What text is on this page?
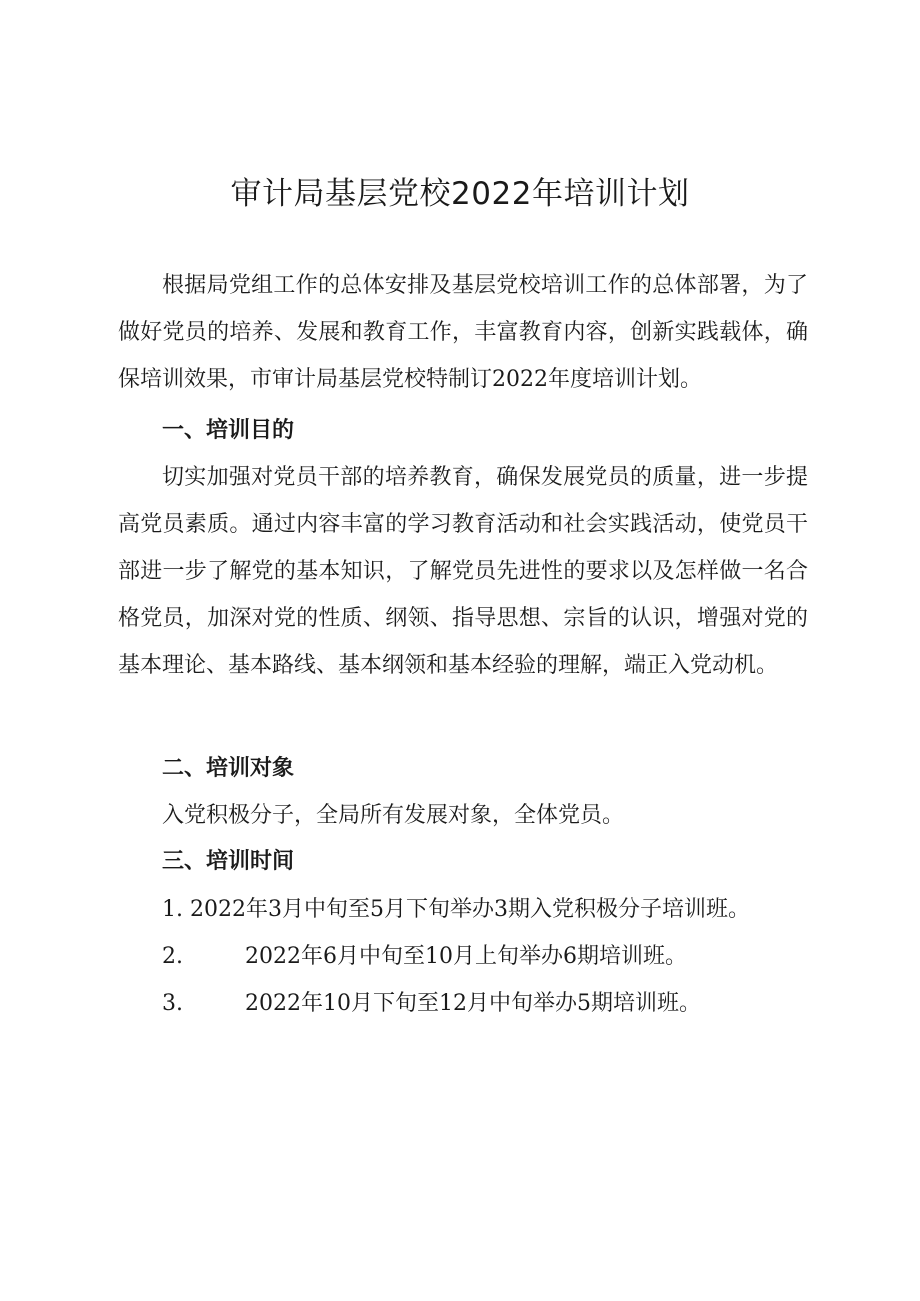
审计局基层党校2022年培训计划

根据局党组工作的总体安排及基层党校培训工作的总体部署，为了做好党员的培养、发展和教育工作，丰富教育内容，创新实践载体，确保培训效果，市审计局基层党校特制订2022年度培训计划。

一、培训目的

切实加强对党员干部的培养教育，确保发展党员的质量，进一步提高党员素质。通过内容丰富的学习教育活动和社会实践活动，使党员干部进一步了解党的基本知识，了解党员先进性的要求以及怎样做一名合格党员，加深对党的性质、纲领、指导思想、宗旨的认识，增强对党的基本理论、基本路线、基本纲领和基本经验的理解，端正入党动机。

二、培训对象

入党积极分子，全局所有发展对象，全体党员。

三、培训时间

1. 2022年3月中旬至5月下旬举办3期入党积极分子培训班。

2.	2022年6月中旬至10月上旬举办6期培训班。

3.	2022年10月下旬至12月中旬举办5期培训班。
